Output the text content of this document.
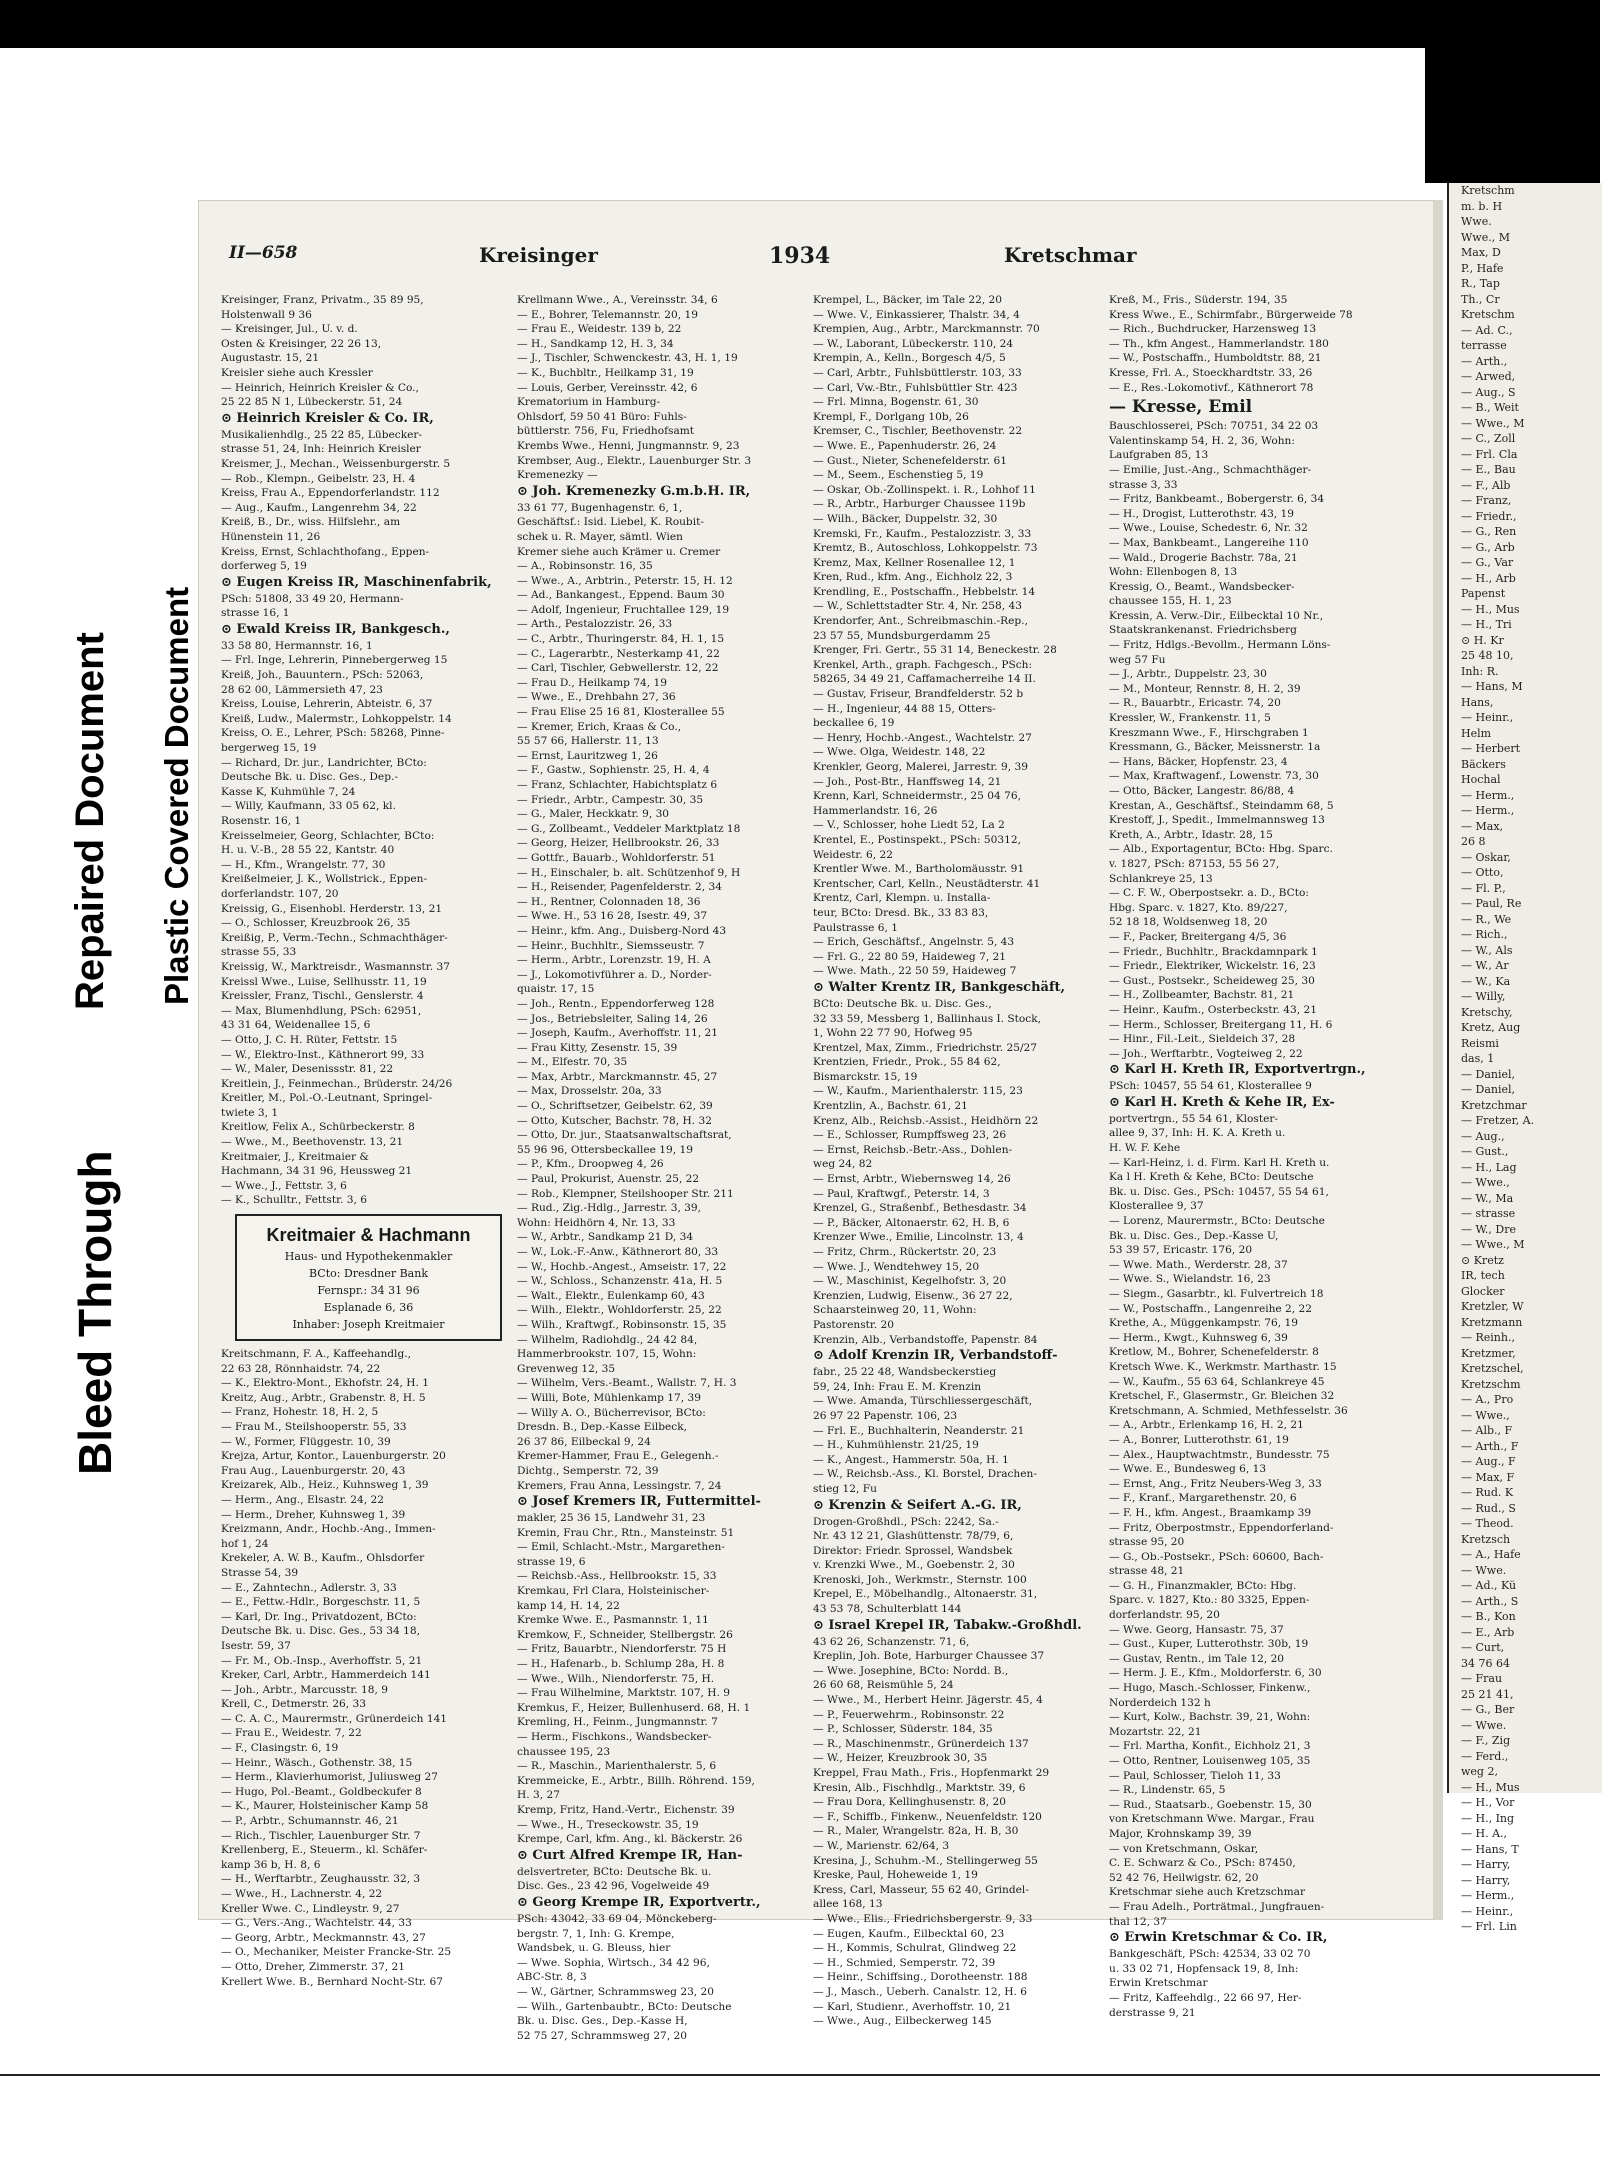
Bleed Through
Repaired Document Plastic Covered Document
II—658	Kreisinger	1934	Kretschmar
Kreisinger, Franz, Privatm., 35 89 95,
Holstenwall 9 36
— Kreisinger, Jul., U. v. d.
Osten & Kreisinger, 22 26 13,
Augustastr. 15, 21
Kreisler siehe auch Kressler
— Heinrich, Heinrich Kreisler & Co.,
25 22 85 N 1, Lübeckerstr. 51, 24
⊙ Heinrich Kreisler & Co. IR,
Musikalienhdlg., 25 22 85, Lübecker-
strasse 51, 24, Inh: Heinrich Kreisler
Kreismer, J., Mechan., Weissenburgerstr. 5
— Rob., Klempn., Geibelstr. 23, H. 4
Kreiss, Frau A., Eppendorferlandstr. 112
— Aug., Kaufm., Langenrehm 34, 22
Kreiß, B., Dr., wiss. Hilfslehr., am
Hünenstein 11, 26
Kreiss, Ernst, Schlachthofang., Eppen-
dorferweg 5, 19
⊙ Eugen Kreiss IR, Maschinenfabrik,
PSch: 51808, 33 49 20, Hermann-
strasse 16, 1
⊙ Ewald Kreiss IR, Bankgesch.,
33 58 80, Hermannstr. 16, 1
— Frl. Inge, Lehrerin, Pinnebergerweg 15
Kreiß, Joh., Bauuntern., PSch: 52063,
28 62 00, Lämmersieth 47, 23
Kreiss, Louise, Lehrerin, Abteistr. 6, 37
Kreiß, Ludw., Malermstr., Lohkoppelstr. 14
Kreiss, O. E., Lehrer, PSch: 58268, Pinne-
bergerweg 15, 19
— Richard, Dr. jur., Landrichter, BCto:
Deutsche Bk. u. Disc. Ges., Dep.-
Kasse K, Kuhmühle 7, 24
— Willy, Kaufmann, 33 05 62, kl.
Rosenstr. 16, 1
Kreisselmeier, Georg, Schlachter, BCto:
H. u. V.-B., 28 55 22, Kantstr. 40
— H., Kfm., Wrangelstr. 77, 30
Kreißelmeier, J. K., Wollstrick., Eppen-
dorferlandstr. 107, 20
Kreissig, G., Eisenhobl. Herderstr. 13, 21
— O., Schlosser, Kreuzbrook 26, 35
Kreißig, P., Verm.-Techn., Schmachthäger-
strasse 55, 33
Kreissig, W., Marktreisdr., Wasmannstr. 37
Kreissl Wwe., Luise, Sellhusstr. 11, 19
Kreissler, Franz, Tischl., Genslerstr. 4
— Max, Blumenhdlung, PSch: 62951,
43 31 64, Weidenallee 15, 6
— Otto, J. C. H. Rüter, Fettstr. 15
— W., Elektro-Inst., Käthnerort 99, 33
— W., Maler, Desenissstr. 81, 22
Kreitlein, J., Feinmechan., Brüderstr. 24/26
Kreitler, M., Pol.-O.-Leutnant, Springel-
twiete 3, 1
Kreitlow, Felix A., Schürbeckerstr. 8
— Wwe., M., Beethovenstr. 13, 21
Kreitmaier, J., Kreitmaier &
Hachmann, 34 31 96, Heussweg 21
— Wwe., J., Fettstr. 3, 6
— K., Schulltr., Fettstr. 3, 6
Kreitmaier & Hachmann
Haus- und Hypothekenmakler
BCto: Dresdner Bank
Fernspr.: 34 31 96
Esplanade 6, 36
Inhaber: Joseph Kreitmaier
Kreitschmann, F. A., Kaffeehandlg.,
22 63 28, Rönnhaidstr. 74, 22
— K., Elektro-Mont., Ekhofstr. 24, H. 1
Kreitz, Aug., Arbtr., Grabenstr. 8, H. 5
— Franz, Hohestr. 18, H. 2, 5
— Frau M., Steilshooperstr. 55, 33
— W., Former, Flüggestr. 10, 39
Krejza, Artur, Kontor., Lauenburgerstr. 20
Frau Aug., Lauenburgerstr. 20, 43
Kreizarek, Alb., Heiz., Kuhnsweg 1, 39
— Herm., Ang., Elsastr. 24, 22
— Herm., Dreher, Kuhnsweg 1, 39
Kreizmann, Andr., Hochb.-Ang., Immen-
hof 1, 24
Krekeler, A. W. B., Kaufm., Ohlsdorfer
Strasse 54, 39
— E., Zahntechn., Adlerstr. 3, 33
— E., Fettw.-Hdlr., Borgeschstr. 11, 5
— Karl, Dr. Ing., Privatdozent, BCto:
Deutsche Bk. u. Disc. Ges., 53 34 18,
Isestr. 59, 37
— Fr. M., Ob.-Insp., Averhoffstr. 5, 21
Kreker, Carl, Arbtr., Hammerdeich 141
— Joh., Arbtr., Marcusstr. 18, 9
Krell, C., Detmerstr. 26, 33
— C. A. C., Maurermstr., Grünerdeich 141
— Frau E., Weidestr. 7, 22
— F., Clasingstr. 6, 19
— Heinr., Wäsch., Gothenstr. 38, 15
— Herm., Klavierhumorist, Juliusweg 27
— Hugo, Pol.-Beamt., Goldbeckufer 8
— K., Maurer, Holsteinischer Kamp 58
— P., Arbtr., Schumannstr. 46, 21
— Rich., Tischler, Lauenburger Str. 7
Krellenberg, E., Steuerm., kl. Schäfer-
kamp 36 b, H. 8, 6
— H., Werftarbtr., Zeughausstr. 32, 3
— Wwe., H., Lachnerstr. 4, 22
Kreller Wwe. C., Lindleystr. 9, 27
— G., Vers.-Ang., Wachtelstr. 44, 33
— Georg, Arbtr., Meckmannstr. 43, 27
— O., Mechaniker, Meister Francke-Str. 25
— Otto, Dreher, Zimmerstr. 37, 21
Krellert Wwe. B., Bernhard Nocht-Str. 67
Krellmann Wwe., A., Vereinsstr. 34, 6
— E., Bohrer, Telemannstr. 20, 19
— Frau E., Weidestr. 139 b, 22
— H., Sandkamp 12, H. 3, 34
— J., Tischler, Schwenckestr. 43, H. 1, 19
— K., Buchbltr., Heilkamp 31, 19
— Louis, Gerber, Vereinsstr. 42, 6
Krematorium in Hamburg-
Ohlsdorf, 59 50 41 Büro: Fuhls-
büttlerstr. 756, Fu, Friedhofsamt
Krembs Wwe., Henni, Jungmannstr. 9, 23
Krembser, Aug., Elektr., Lauenburger Str. 3
Kremenezky —
⊙ Joh. Kremenezky G.m.b.H. IR,
33 61 77, Bugenhagenstr. 6, 1,
Geschäftsf.: Isid. Liebel, K. Roubit-
schek u. R. Mayer, sämtl. Wien
Kremer siehe auch Krämer u. Cremer
— A., Robinsonstr. 16, 35
— Wwe., A., Arbtrin., Peterstr. 15, H. 12
— Ad., Bankangest., Eppend. Baum 30
— Adolf, Ingenieur, Fruchtallee 129, 19
— Arth., Pestalozzistr. 26, 33
— C., Arbtr., Thuringerstr. 84, H. 1, 15
— C., Lagerarbtr., Nesterkamp 41, 22
— Carl, Tischler, Gebwellerstr. 12, 22
— Frau D., Heilkamp 74, 19
— Wwe., E., Drehbahn 27, 36
— Frau Elise 25 16 81, Klosterallee 55
— Kremer, Erich, Kraas & Co.,
55 57 66, Hallerstr. 11, 13
— Ernst, Lauritzweg 1, 26
— F., Gastw., Sophienstr. 25, H. 4, 4
— Franz, Schlachter, Habichtsplatz 6
— Friedr., Arbtr., Campestr. 30, 35
— G., Maler, Heckkatr. 9, 30
— G., Zollbeamt., Veddeler Marktplatz 18
— Georg, Heizer, Hellbrookstr. 26, 33
— Gottfr., Bauarb., Wohldorferstr. 51
— H., Einschaler, b. alt. Schützenhof 9, H
— H., Reisender, Pagenfelderstr. 2, 34
— H., Rentner, Colonnaden 18, 36
— Wwe. H., 53 16 28, Isestr. 49, 37
— Heinr., kfm. Ang., Duisberg-Nord 43
— Heinr., Buchhltr., Siemsseustr. 7
— Herm., Arbtr., Lorenzstr. 19, H. A
— J., Lokomotivführer a. D., Norder-
quaistr. 17, 15
— Joh., Rentn., Eppendorferweg 128
— Jos., Betriebsleiter, Saling 14, 26
— Joseph, Kaufm., Averhoffstr. 11, 21
— Frau Kitty, Zesenstr. 15, 39
— M., Elfestr. 70, 35
— Max, Arbtr., Marckmannstr. 45, 27
— Max, Drosselstr. 20a, 33
— O., Schriftsetzer, Geibelstr. 62, 39
— Otto, Kutscher, Bachstr. 78, H. 32
— Otto, Dr. jur., Staatsanwaltschaftsrat,
55 96 96, Ottersbeckallee 19, 19
— P., Kfm., Droopweg 4, 26
— Paul, Prokurist, Auenstr. 25, 22
— Rob., Klempner, Steilshooper Str. 211
— Rud., Zig.-Hdlg., Jarrestr. 3, 39,
Wohn: Heidhörn 4, Nr. 13, 33
— W., Arbtr., Sandkamp 21 D, 34
— W., Lok.-F.-Anw., Käthnerort 80, 33
— W., Hochb.-Angest., Amseistr. 17, 22
— W., Schloss., Schanzenstr. 41a, H. 5
— Walt., Elektr., Eulenkamp 60, 43
— Wilh., Elektr., Wohldorferstr. 25, 22
— Wilh., Kraftwgf., Robinsonstr. 15, 35
— Wilhelm, Radiohdlg., 24 42 84,
Hammerbrookstr. 107, 15, Wohn:
Grevenweg 12, 35
— Wilhelm, Vers.-Beamt., Wallstr. 7, H. 3
— Willi, Bote, Mühlenkamp 17, 39
— Willy A. O., Bücherrevisor, BCto:
Dresdn. B., Dep.-Kasse Eilbeck,
26 37 86, Eilbeckal 9, 24
Kremer-Hammer, Frau E., Gelegenh.-
Dichtg., Semperstr. 72, 39
Kremers, Frau Anna, Lessingstr. 7, 24
⊙ Josef Kremers IR, Futtermittel-
makler, 25 36 15, Landwehr 31, 23
Kremin, Frau Chr., Rtn., Mansteinstr. 51
— Emil, Schlacht.-Mstr., Margarethen-
strasse 19, 6
— Reichsb.-Ass., Hellbrookstr. 15, 33
Kremkau, Frl Clara, Holsteinischer-
kamp 14, H. 14, 22
Kremke Wwe. E., Pasmannstr. 1, 11
Kremkow, F., Schneider, Stellbergstr. 26
— Fritz, Bauarbtr., Niendorferstr. 75 H
— H., Hafenarb., b. Schlump 28a, H. 8
— Wwe., Wilh., Niendorferstr. 75, H.
— Frau Wilhelmine, Marktstr. 107, H. 9
Kremkus, F., Heizer, Bullenhuserd. 68, H. 1
Kremling, H., Feinm., Jungmannstr. 7
— Herm., Fischkons., Wandsbecker-
chaussee 195, 23
— R., Maschin., Marienthalerstr. 5, 6
Kremmeicke, E., Arbtr., Billh. Röhrend. 159,
H. 3, 27
Kremp, Fritz, Hand.-Vertr., Eichenstr. 39
— Wwe., H., Treseckowstr. 35, 19
Krempe, Carl, kfm. Ang., kl. Bäckerstr. 26
⊙ Curt Alfred Krempe IR, Han-
delsvertreter, BCto: Deutsche Bk. u.
Disc. Ges., 23 42 96, Vogelweide 49
⊙ Georg Krempe IR, Exportvertr.,
PSch: 43042, 33 69 04, Mönckeberg-
bergstr. 7, 1, Inh: G. Krempe,
Wandsbek, u. G. Bleuss, hier
— Wwe. Sophia, Wirtsch., 34 42 96,
ABC-Str. 8, 3
— W., Gärtner, Schrammsweg 23, 20
— Wilh., Gartenbaubtr., BCto: Deutsche
Bk. u. Disc. Ges., Dep.-Kasse H,
52 75 27, Schrammsweg 27, 20
Krempel, L., Bäcker, im Tale 22, 20
— Wwe. V., Einkassierer, Thalstr. 34, 4
Krempien, Aug., Arbtr., Marckmannstr. 70
— W., Laborant, Lübeckerstr. 110, 24
Krempin, A., Kelln., Borgesch 4/5, 5
— Carl, Arbtr., Fuhlsbüttlerstr. 103, 33
— Carl, Vw.-Btr., Fuhlsbüttler Str. 423
— Frl. Minna, Bogenstr. 61, 30
Krempl, F., Dorlgang 10b, 26
Kremser, C., Tischler, Beethovenstr. 22
— Wwe. E., Papenhuderstr. 26, 24
— Gust., Nieter, Schenefelderstr. 61
— M., Seem., Eschenstieg 5, 19
— Oskar, Ob.-Zollinspekt. i. R., Lohhof 11
— R., Arbtr., Harburger Chaussee 119b
— Wilh., Bäcker, Duppelstr. 32, 30
Kremski, Fr., Kaufm., Pestalozzistr. 3, 33
Kremtz, B., Autoschloss, Lohkoppelstr. 73
Kremz, Max, Kellner Rosenallee 12, 1
Kren, Rud., kfm. Ang., Eichholz 22, 3
Krendling, E., Postschaffn., Hebbelstr. 14
— W., Schlettstadter Str. 4, Nr. 258, 43
Krendorfer, Ant., Schreibmaschin.-Rep.,
23 57 55, Mundsburgerdamm 25
Krenger, Fri. Gertr., 55 31 14, Beneckestr. 28
Krenkel, Arth., graph. Fachgesch., PSch:
58265, 34 49 21, Caffamacherreihe 14 II.
— Gustav, Friseur, Brandfelderstr. 52 b
— H., Ingenieur, 44 88 15, Otters-
beckallee 6, 19
— Henry, Hochb.-Angest., Wachtelstr. 27
— Wwe. Olga, Weidestr. 148, 22
Krenkler, Georg, Malerei, Jarrestr. 9, 39
— Joh., Post-Btr., Hanffsweg 14, 21
Krenn, Karl, Schneidermstr., 25 04 76,
Hammerlandstr. 16, 26
— V., Schlosser, hohe Liedt 52, La 2
Krentel, E., Postinspekt., PSch: 50312,
Weidestr. 6, 22
Krentler Wwe. M., Bartholomäusstr. 91
Krentscher, Carl, Kelln., Neustädterstr. 41
Krentz, Carl, Klempn. u. Installa-
teur, BCto: Dresd. Bk., 33 83 83,
Paulstrasse 6, 1
— Erich, Geschäftsf., Angelnstr. 5, 43
— Frl. G., 22 80 59, Haideweg 7, 21
— Wwe. Math., 22 50 59, Haideweg 7
⊙ Walter Krentz IR, Bankgeschäft,
BCto: Deutsche Bk. u. Disc. Ges.,
32 33 59, Messberg 1, Ballinhaus I. Stock,
1, Wohn 22 77 90, Hofweg 95
Krentzel, Max, Zimm., Friedrichstr. 25/27
Krentzien, Friedr., Prok., 55 84 62,
Bismarckstr. 15, 19
— W., Kaufm., Marienthalerstr. 115, 23
Krentzlin, A., Bachstr. 61, 21
Krenz, Alb., Reichsb.-Assist., Heidhörn 22
— E., Schlosser, Rumpffsweg 23, 26
— Ernst, Reichsb.-Betr.-Ass., Dohlen-
weg 24, 82
— Ernst, Arbtr., Wiebernsweg 14, 26
— Paul, Kraftwgf., Peterstr. 14, 3
Krenzel, G., Straßenbf., Bethesdastr. 34
— P., Bäcker, Altonaerstr. 62, H. B, 6
Krenzer Wwe., Emilie, Lincolnstr. 13, 4
— Fritz, Chrm., Rückertstr. 20, 23
— Wwe. J., Wendtehwey 15, 20
— W., Maschinist, Kegelhofstr. 3, 20
Krenzien, Ludwig, Eisenw., 36 27 22,
Schaarsteinweg 20, 11, Wohn:
Pastorenstr. 20
Krenzin, Alb., Verbandstoffe, Papenstr. 84
⊙ Adolf Krenzin IR, Verbandstoff-
fabr., 25 22 48, Wandsbeckerstieg
59, 24, Inh: Frau E. M. Krenzin
— Wwe. Amanda, Türschliessergeschäft,
26 97 22 Papenstr. 106, 23
— Frl. E., Buchhalterin, Neanderstr. 21
— H., Kuhmühlenstr. 21/25, 19
— K., Angest., Hammerstr. 50a, H. 1
— W., Reichsb.-Ass., Kl. Borstel, Drachen-
stieg 12, Fu
⊙ Krenzin & Seifert A.-G. IR,
Drogen-Großhdl., PSch: 2242, Sa.-
Nr. 43 12 21, Glashüttenstr. 78/79, 6,
Direktor: Friedr. Sprossel, Wandsbek
v. Krenzki Wwe., M., Goebenstr. 2, 30
Krenoski, Joh., Werkmstr., Sternstr. 100
Krepel, E., Möbelhandlg., Altonaerstr. 31,
43 53 78, Schulterblatt 144
⊙ Israel Krepel IR, Tabakw.-Großhdl.
43 62 26, Schanzenstr. 71, 6,
Kreplin, Joh. Bote, Harburger Chaussee 37
— Wwe. Josephine, BCto: Nordd. B.,
26 60 68, Reismühle 5, 24
— Wwe., M., Herbert Heinr. Jägerstr. 45, 4
— P., Feuerwehrm., Robinsonstr. 22
— P., Schlosser, Süderstr. 184, 35
— R., Maschinenmstr., Grünerdeich 137
— W., Heizer, Kreuzbrook 30, 35
Kreppel, Frau Math., Fris., Hopfenmarkt 29
Kresin, Alb., Fischhdlg., Marktstr. 39, 6
— Frau Dora, Kellinghusenstr. 8, 20
— F., Schiffb., Finkenw., Neuenfeldstr. 120
— R., Maler, Wrangelstr. 82a, H. B, 30
— W., Marienstr. 62/64, 3
Kresina, J., Schuhm.-M., Stellingerweg 55
Kreske, Paul, Hoheweide 1, 19
Kress, Carl, Masseur, 55 62 40, Grindel-
allee 168, 13
— Wwe., Elis., Friedrichsbergerstr. 9, 33
— Eugen, Kaufm., Eilbecktal 60, 23
— H., Kommis, Schulrat, Glindweg 22
— H., Schmied, Semperstr. 72, 39
— Heinr., Schiffsing., Dorotheenstr. 188
— J., Masch., Ueberh. Canalstr. 12, H. 6
— Karl, Studienr., Averhoffstr. 10, 21
— Wwe., Aug., Eilbeckerweg 145
Kreß, M., Fris., Süderstr. 194, 35
Kress Wwe., E., Schirmfabr., Bürgerweide 78
— Rich., Buchdrucker, Harzensweg 13
— Th., kfm Angest., Hammerlandstr. 180
— W., Postschaffn., Humboldtstr. 88, 21
Kresse, Frl. A., Stoeckhardtstr. 33, 26
— E., Res.-Lokomotivf., Käthnerort 78
— Kresse, Emil
Bauschlosserei, PSch: 70751, 34 22 03
Valentinskamp 54, H. 2, 36, Wohn:
Laufgraben 85, 13
— Emilie, Just.-Ang., Schmachthäger-
strasse 3, 33
— Fritz, Bankbeamt., Bobergerstr. 6, 34
— H., Drogist, Lutterothstr. 43, 19
— Wwe., Louise, Schedestr. 6, Nr. 32
— Max, Bankbeamt., Langereihe 110
— Wald., Drogerie Bachstr. 78a, 21
Wohn: Ellenbogen 8, 13
Kressig, O., Beamt., Wandsbecker-
chaussee 155, H. 1, 23
Kressin, A. Verw.-Dir., Eilbecktal 10 Nr.,
Staatskrankenanst. Friedrichsberg
— Fritz, Hdlgs.-Bevollm., Hermann Löns-
weg 57 Fu
— J., Arbtr., Duppelstr. 23, 30
— M., Monteur, Rennstr. 8, H. 2, 39
— R., Bauarbtr., Ericastr. 74, 20
Kressler, W., Frankenstr. 11, 5
Kreszmann Wwe., F., Hirschgraben 1
Kressmann, G., Bäcker, Meissnerstr. 1a
— Hans, Bäcker, Hopfenstr. 23, 4
— Max, Kraftwagenf., Lowenstr. 73, 30
— Otto, Bäcker, Langestr. 86/88, 4
Krestan, A., Geschäftsf., Steindamm 68, 5
Krestoff, J., Spedit., Immelmannsweg 13
Kreth, A., Arbtr., Idastr. 28, 15
— Alb., Exportagentur, BCto: Hbg. Sparc.
v. 1827, PSch: 87153, 55 56 27,
Schlankreye 25, 13
— C. F. W., Oberpostsekr. a. D., BCto:
Hbg. Sparc. v. 1827, Kto. 89/227,
52 18 18, Woldsenweg 18, 20
— F., Packer, Breitergang 4/5, 36
— Friedr., Buchhltr., Brackdamnpark 1
— Friedr., Elektriker, Wickelstr. 16, 23
— Gust., Postsekr., Scheideweg 25, 30
— H., Zollbeamter, Bachstr. 81, 21
— Heinr., Kaufm., Osterbeckstr. 43, 21
— Herm., Schlosser, Breitergang 11, H. 6
— Hinr., Fil.-Leit., Sieldeich 37, 28
— Joh., Werftarbtr., Vogteiweg 2, 22
⊙ Karl H. Kreth IR, Exportvertrgn.,
PSch: 10457, 55 54 61, Klosterallee 9
⊙ Karl H. Kreth & Kehe IR, Ex-
portvertrgn., 55 54 61, Kloster-
allee 9, 37, Inh: H. K. A. Kreth u.
H. W. F. Kehe
— Karl-Heinz, i. d. Firm. Karl H. Kreth u.
Ka l H. Kreth & Kehe, BCto: Deutsche
Bk. u. Disc. Ges., PSch: 10457, 55 54 61,
Klosterallee 9, 37
— Lorenz, Maurermstr., BCto: Deutsche
Bk. u. Disc. Ges., Dep.-Kasse U,
53 39 57, Ericastr. 176, 20
— Wwe. Math., Werderstr. 28, 37
— Wwe. S., Wielandstr. 16, 23
— Siegm., Gasarbtr., kl. Fulvertreich 18
— W., Postschaffn., Langenreihe 2, 22
Krethe, A., Müggenkampstr. 76, 19
— Herm., Kwgt., Kuhnsweg 6, 39
Kretlow, M., Bohrer, Schenefelderstr. 8
Kretsch Wwe. K., Werkmstr. Marthastr. 15
— W., Kaufm., 55 63 64, Schlankreye 45
Kretschel, F., Glasermstr., Gr. Bleichen 32
Kretschmann, A. Schmied, Methfesselstr. 36
— A., Arbtr., Erlenkamp 16, H. 2, 21
— A., Bonrer, Lutterothstr. 61, 19
— Alex., Hauptwachtmstr., Bundesstr. 75
— Wwe. E., Bundesweg 6, 13
— Ernst, Ang., Fritz Neubers-Weg 3, 33
— F., Kranf., Margarethenstr. 20, 6
— F. H., kfm. Angest., Braamkamp 39
— Fritz, Oberpostmstr., Eppendorferland-
strasse 95, 20
— G., Ob.-Postsekr., PSch: 60600, Bach-
strasse 48, 21
— G. H., Finanzmakler, BCto: Hbg.
Sparc. v. 1827, Kto.: 80 3325, Eppen-
dorferlandstr. 95, 20
— Wwe. Georg, Hansastr. 75, 37
— Gust., Kuper, Lutterothstr. 30b, 19
— Gustav, Rentn., im Tale 12, 20
— Herm. J. E., Kfm., Moldorferstr. 6, 30
— Hugo, Masch.-Schlosser, Finkenw.,
Norderdeich 132 h
— Kurt, Kolw., Bachstr. 39, 21, Wohn:
Mozartstr. 22, 21
— Frl. Martha, Konfit., Eichholz 21, 3
— Otto, Rentner, Louisenweg 105, 35
— Paul, Schlosser, Tieloh 11, 33
— R., Lindenstr. 65, 5
— Rud., Staatsarb., Goebenstr. 15, 30
von Kretschmann Wwe. Margar., Frau
Major, Krohnskamp 39, 39
— von Kretschmann, Oskar,
C. E. Schwarz & Co., PSch: 87450,
52 42 76, Heilwigstr. 62, 20
Kretschmar siehe auch Kretzschmar
— Frau Adelh., Porträtmal., Jungfrauen-
thal 12, 37
⊙ Erwin Kretschmar & Co. IR,
Bankgeschäft, PSch: 42534, 33 02 70
u. 33 02 71, Hopfensack 19, 8, Inh:
Erwin Kretschmar
— Fritz, Kaffeehdlg., 22 66 97, Her-
derstrasse 9, 21
Kretschm
m. b. H
Wwe.
Wwe., M
Max, D
P., Hafe
R., Tap
Th., Cr
Kretschm
— Ad. C.,
terrasse
— Arth.,
— Arwed,
— Aug., S
— B., Weit
— Wwe., M
— C., Zoll
— Frl. Cla
— E., Bau
— F., Alb
— Franz,
— Friedr.,
— G., Ren
— G., Arb
— G., Var
— H., Arb
Papenst
— H., Mus
— H., Tri
⊙ H. Kr
25 48 10,
Inh: R.
— Hans, M
Hans,
— Heinr.,
Helm
— Herbert
Bäckers
Hochal
— Herm.,
— Herm.,
— Max,
26 8
— Oskar,
— Otto,
— Fl. P.,
— Paul, Re
— R., We
— Rich.,
— W., Als
— W., Ar
— W., Ka
— Willy,
Kretschy,
Kretz, Aug
Reismi
das, 1
— Daniel,
— Daniel,
Kretzchmar
— Fretzer, A.
— Aug.,
— Gust.,
— H., Lag
— Wwe.,
— W., Ma
— strasse
— W., Dre
— Wwe., M
⊙ Kretz
IR, tech
Glocker
Kretzler, W
Kretzmann
— Reinh.,
Kretzmer,
Kretzschel,
Kretzschm
— A., Pro
— Wwe.,
— Alb., F
— Arth., F
— Aug., F
— Max, F
— Rud. K
— Rud., S
— Theod.
Kretzsch
— A., Hafe
— Wwe.
— Ad., Kü
— Arth., S
— B., Kon
— E., Arb
— Curt,
34 76 64
— Frau
25 21 41,
— G., Ber
— Wwe.
— F., Zig
— Ferd.,
weg 2,
— H., Mus
— H., Vor
— H., Ing
— H. A.,
— Hans, T
— Harry,
— Harry,
— Herm.,
— Heinr.,
— Frl. Lin
